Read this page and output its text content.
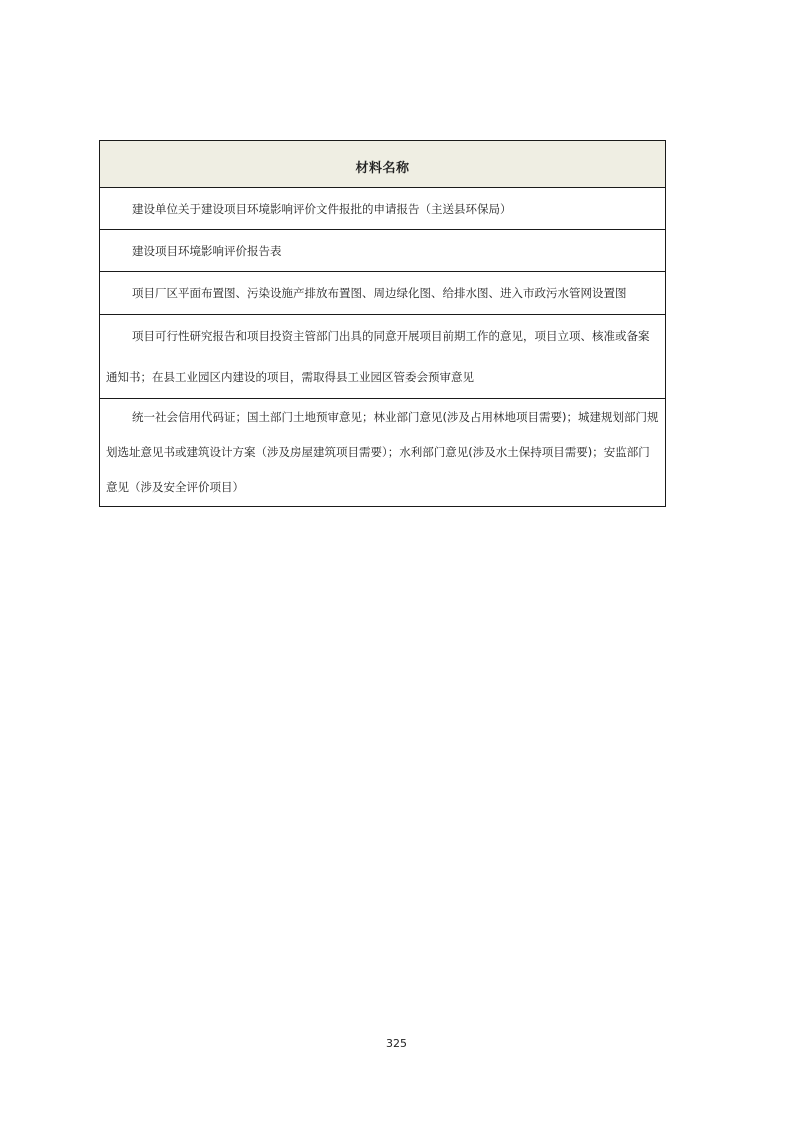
材料名称

建设单位关于建设项目环境影响评价文件报批的申请报告（主送县环保局）

建设项目环境影响评价报告表

项目厂区平面布置图、污染设施产排放布置图、周边绿化图、给排水图、进入市政污水管网设置图

项目可行性研究报告和项目投资主管部门出具的同意开展项目前期工作的意见，项目立项、核准或备案通知书；在县工业园区内建设的项目，需取得县工业园区管委会预审意见

统一社会信用代码证；国土部门土地预审意见；林业部门意见(涉及占用林地项目需要)；城建规划部门规划选址意见书或建筑设计方案（涉及房屋建筑项目需要）；水利部门意见(涉及水土保持项目需要)；安监部门意见（涉及安全评价项目）
325
